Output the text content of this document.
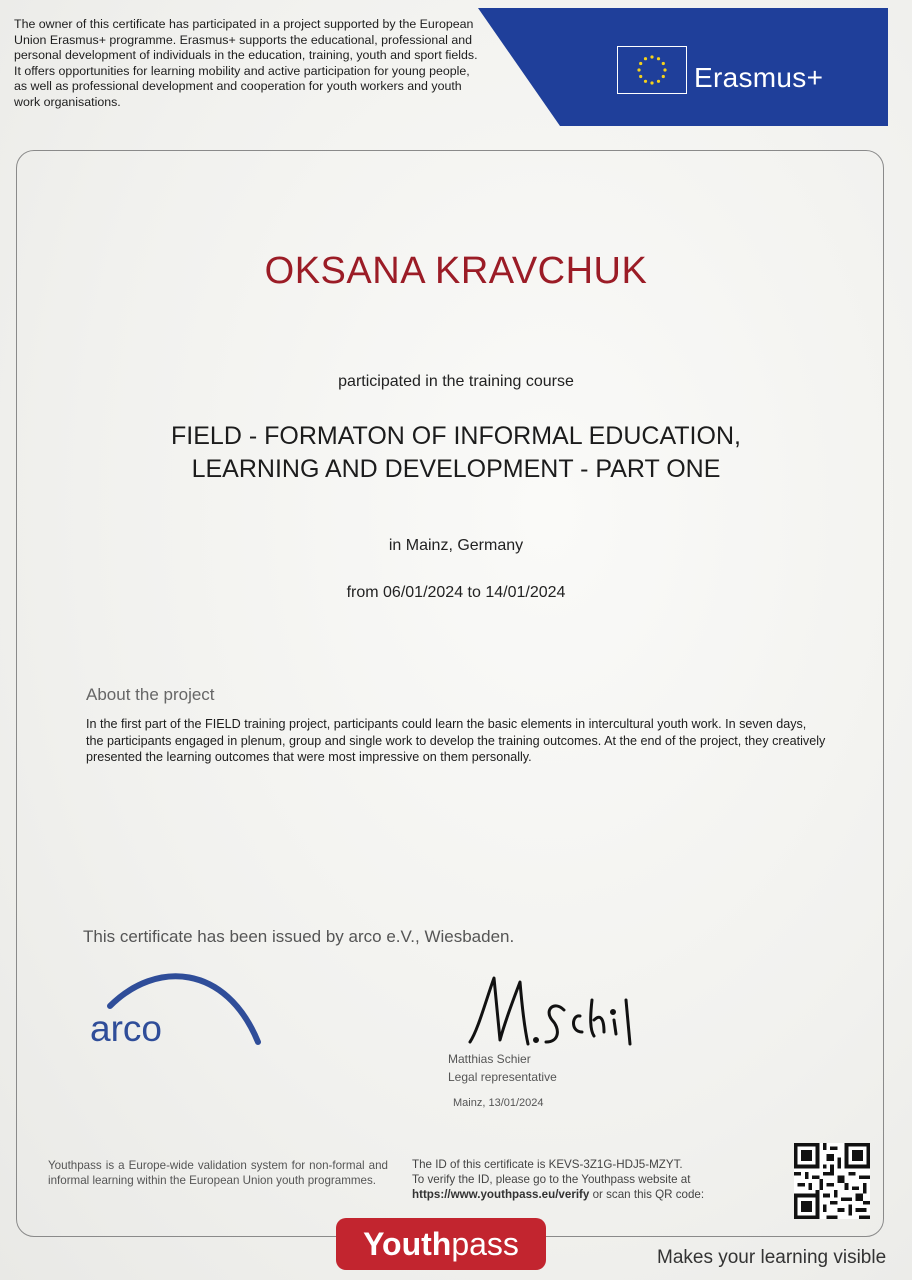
The owner of this certificate has participated in a project supported by the European Union Erasmus+ programme. Erasmus+ supports the educational, professional and personal development of individuals in the education, training, youth and sport fields. It offers opportunities for learning mobility and active participation for young people, as well as professional development and cooperation for youth workers and youth work organisations.
Erasmus+
OKSANA KRAVCHUK
participated in the training course
FIELD - FORMATON OF INFORMAL EDUCATION,
LEARNING AND DEVELOPMENT - PART ONE
in Mainz, Germany
from 06/01/2024 to 14/01/2024
About the project
In the first part of the FIELD training project, participants could learn the basic elements in intercultural youth work. In seven days, the participants engaged in plenum, group and single work to develop the training outcomes. At the end of the project, they creatively presented the learning outcomes that were most impressive on them personally.
This certificate has been issued by arco e.V., Wiesbaden.
arco
Matthias Schier
Legal representative
Mainz, 13/01/2024
Youthpass is a Europe-wide validation system for non-formal and informal learning within the European Union youth programmes.
The ID of this certificate is KEVS-3Z1G-HDJ5-MZYT.
To verify the ID, please go to the Youthpass website at
https://www.youthpass.eu/verify or scan this QR code:
Youthpass	Makes your learning visible
